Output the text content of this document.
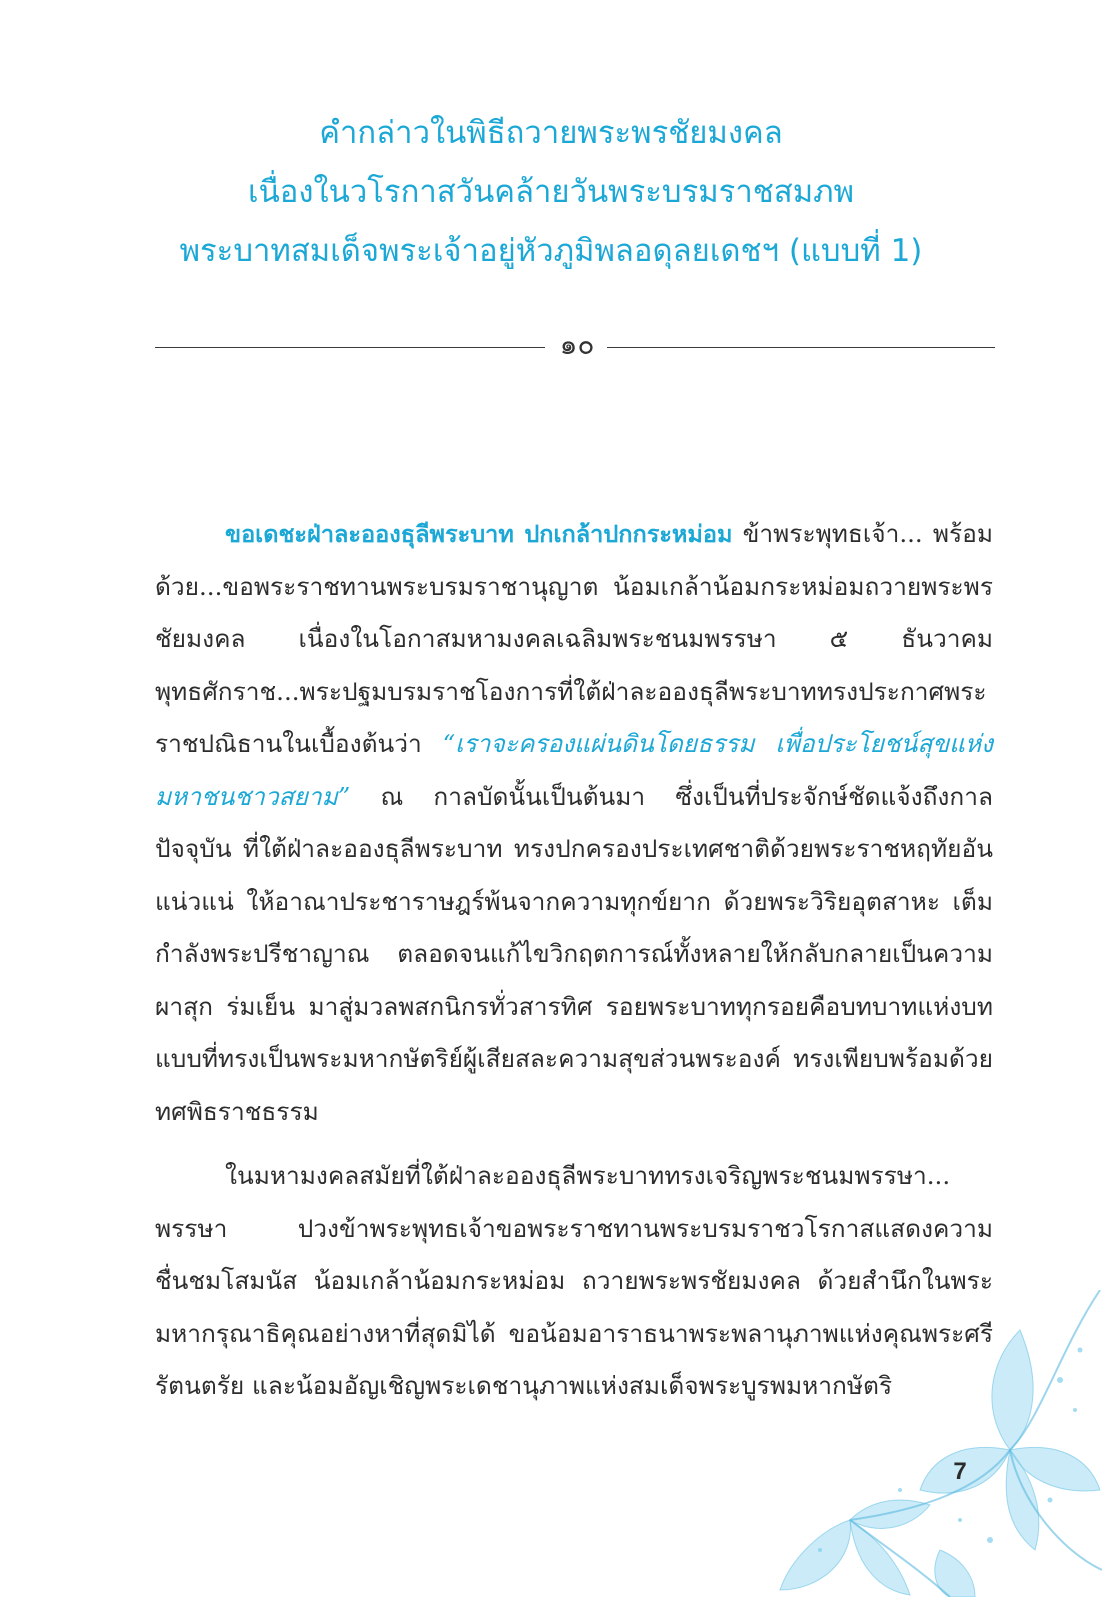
คำกล่าวในพิธีถวายพระพรชัยมงคล
เนื่องในวโรกาสวันคล้ายวันพระบรมราชสมภพ
พระบาทสมเด็จพระเจ้าอยู่หัวภูมิพลอดุลยเดชฯ (แบบที่ 1)
๑๐

ขอเดชะฝ่าละอองธุลีพระบาท ปกเกล้าปกกระหม่อม ข้าพระพุทธเจ้า... พร้อมด้วย...ขอพระราชทานพระบรมราชานุญาต น้อมเกล้าน้อมกระหม่อมถวายพระพรชัยมงคล เนื่องในโอกาสมหามงคลเฉลิมพระชนมพรรษา ๕ ธันวาคม พุทธศักราช...พระปฐมบรมราชโองการที่ใต้ฝ่าละอองธุลีพระบาททรงประกาศพระราชปณิธานในเบื้องต้นว่า “เราจะครองแผ่นดินโดยธรรม เพื่อประโยชน์สุขแห่งมหาชนชาวสยาม” ณ กาลบัดนั้นเป็นต้นมา ซึ่งเป็นที่ประจักษ์ชัดแจ้งถึงกาลปัจจุบัน ที่ใต้ฝ่าละอองธุลีพระบาท ทรงปกครองประเทศชาติด้วยพระราชหฤทัยอันแน่วแน่ ให้อาณาประชาราษฎร์พ้นจากความทุกข์ยาก ด้วยพระวิริยอุตสาหะ เต็มกำลังพระปรีชาญาณ ตลอดจนแก้ไขวิกฤตการณ์ทั้งหลายให้กลับกลายเป็นความผาสุก ร่มเย็น มาสู่มวลพสกนิกรทั่วสารทิศ รอยพระบาททุกรอยคือบทบาทแห่งบทแบบที่ทรงเป็นพระมหากษัตริย์ผู้เสียสละความสุขส่วนพระองค์ ทรงเพียบพร้อมด้วยทศพิธราชธรรม

ในมหามงคลสมัยที่ใต้ฝ่าละอองธุลีพระบาททรงเจริญพระชนมพรรษา... พรรษา ปวงข้าพระพุทธเจ้าขอพระราชทานพระบรมราชวโรกาสแสดงความชื่นชมโสมนัส น้อมเกล้าน้อมกระหม่อม ถวายพระพรชัยมงคล ด้วยสำนึกในพระมหากรุณาธิคุณอย่างหาที่สุดมิได้ ขอน้อมอาราธนาพระพลานุภาพแห่งคุณพระศรีรัตนตรัย และน้อมอัญเชิญพระเดชานุภาพแห่งสมเด็จพระบูรพมหากษัตริ

7
